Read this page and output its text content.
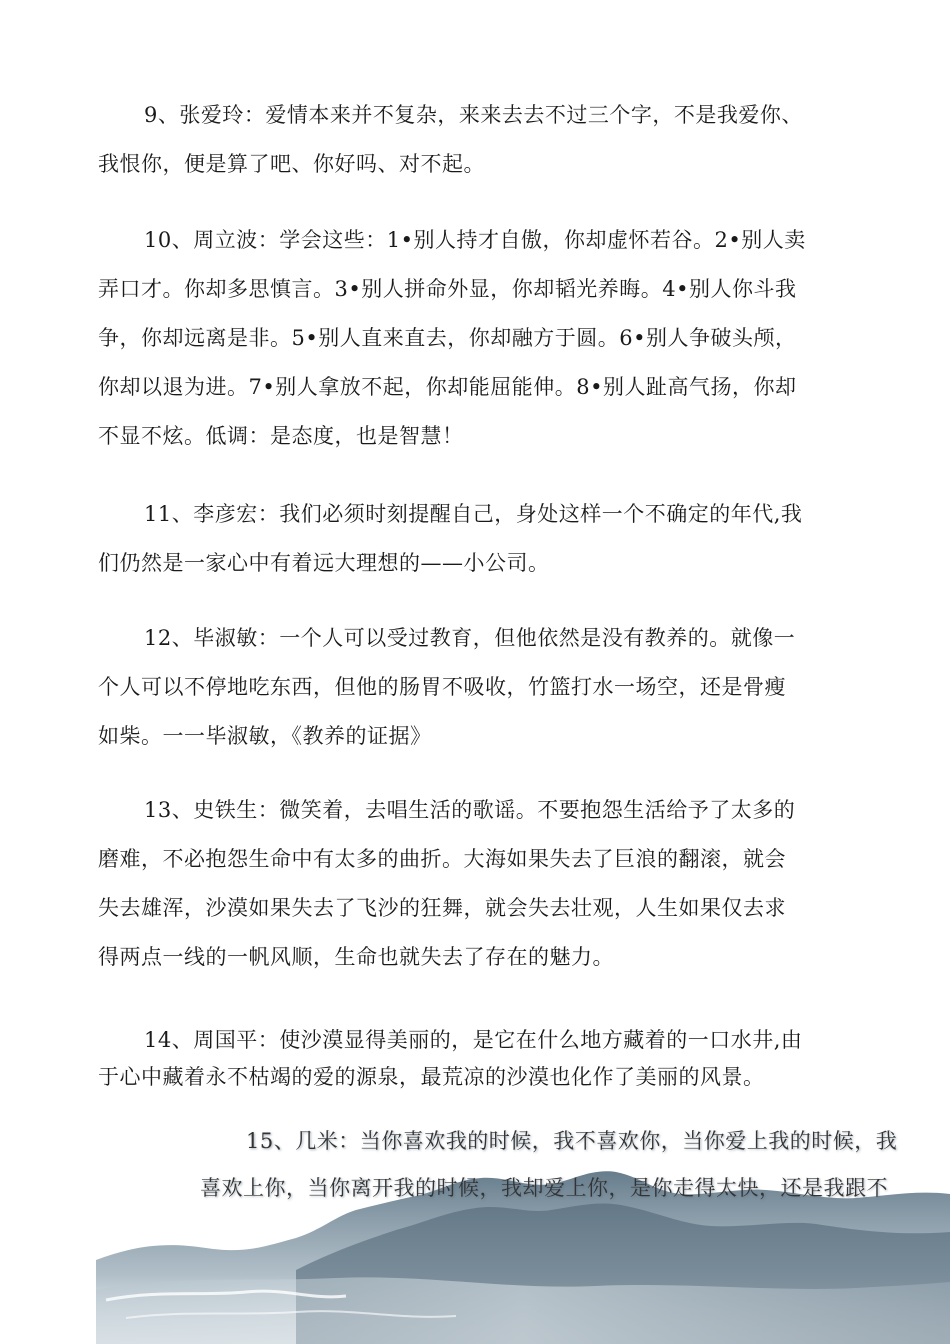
9、张爱玲：爱情本来并不复杂，来来去去不过三个字，不是我爱你、
我恨你，便是算了吧、你好吗、对不起。
10、周立波：学会这些：1•别人持才自傲，你却虚怀若谷。2•别人卖
弄口才。你却多思慎言。3•别人拼命外显，你却韬光养晦。4•别人你斗我
争，你却远离是非。5•别人直来直去，你却融方于圆。6•别人争破头颅，
你却以退为进。7•别人拿放不起，你却能屈能伸。8•别人趾高气扬，你却
不显不炫。低调：是态度，也是智慧！
11、李彦宏：我们必须时刻提醒自己，身处这样一个不确定的年代,我
们仍然是一家心中有着远大理想的——小公司。
12、毕淑敏：一个人可以受过教育，但他依然是没有教养的。就像一
个人可以不停地吃东西，但他的肠胃不吸收，竹篮打水一场空，还是骨瘦
如柴。一一毕淑敏，《教养的证据》
13、史铁生：微笑着，去唱生活的歌谣。不要抱怨生活给予了太多的
磨难，不必抱怨生命中有太多的曲折。大海如果失去了巨浪的翻滚，就会
失去雄浑，沙漠如果失去了飞沙的狂舞，就会失去壮观，人生如果仅去求
得两点一线的一帆风顺，生命也就失去了存在的魅力。
14、周国平：使沙漠显得美丽的，是它在什么地方藏着的一口水井,由
于心中藏着永不枯竭的爱的源泉，最荒凉的沙漠也化作了美丽的风景。
15、几米：当你喜欢我的时候，我不喜欢你，当你爱上我的时候，我
喜欢上你，当你离开我的时候，我却爱上你，是你走得太快，还是我跟不
